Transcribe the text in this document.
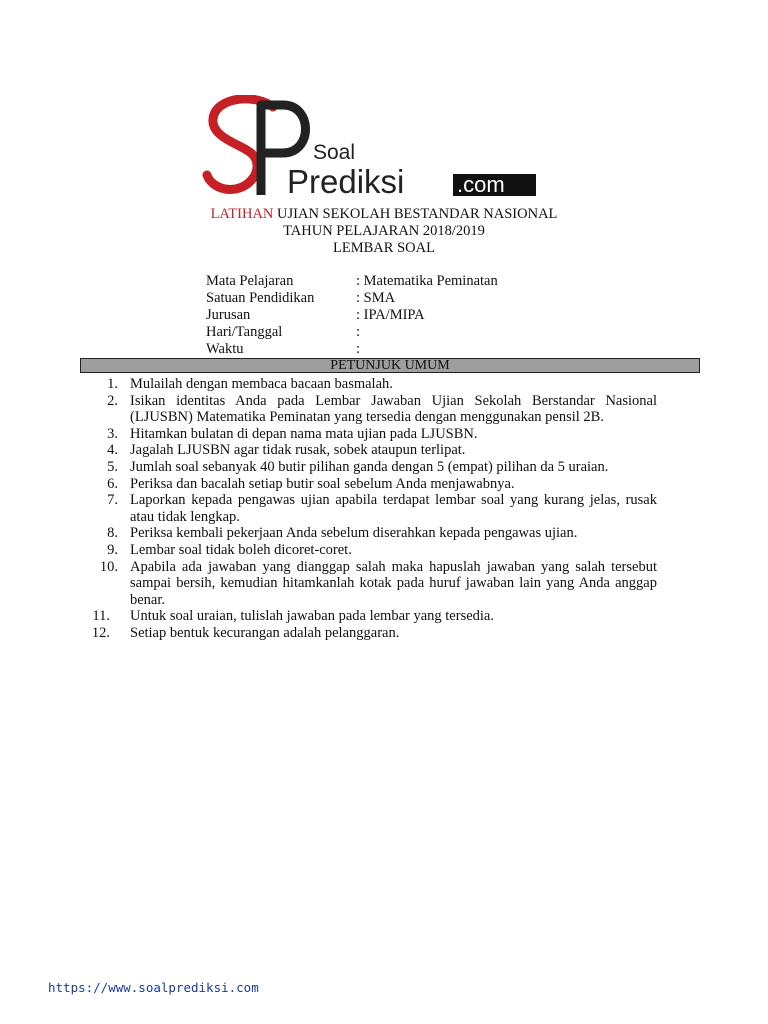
Soal
Prediksi .com
LATIHAN UJIAN SEKOLAH BESTANDAR NASIONAL
TAHUN PELAJARAN 2018/2019
LEMBAR SOAL
Mata Pelajaran	: Matematika Peminatan
Satuan Pendidikan	: SMA
Jurusan	: IPA/MIPA
Hari/Tanggal	:
Waktu	:
PETUNJUK UMUM
1. Mulailah dengan membaca bacaan basmalah.
2. Isikan identitas Anda pada Lembar Jawaban Ujian Sekolah Berstandar Nasional (LJUSBN) Matematika Peminatan yang tersedia dengan menggunakan pensil 2B.
3. Hitamkan bulatan di depan nama mata ujian pada LJUSBN.
4. Jagalah LJUSBN agar tidak rusak, sobek ataupun terlipat.
5. Jumlah soal sebanyak 40 butir pilihan ganda dengan 5 (empat) pilihan da 5 uraian.
6. Periksa dan bacalah setiap butir soal sebelum Anda menjawabnya.
7. Laporkan kepada pengawas ujian apabila terdapat lembar soal yang kurang jelas, rusak atau tidak lengkap.
8. Periksa kembali pekerjaan Anda sebelum diserahkan kepada pengawas ujian.
9. Lembar soal tidak boleh dicoret-coret.
10. Apabila ada jawaban yang dianggap salah maka hapuslah jawaban yang salah tersebut sampai bersih, kemudian hitamkanlah kotak pada huruf jawaban lain yang Anda anggap benar.
11. Untuk soal uraian, tulislah jawaban pada lembar yang tersedia.
12. Setiap bentuk kecurangan adalah pelanggaran.
https://www.soalprediksi.com
